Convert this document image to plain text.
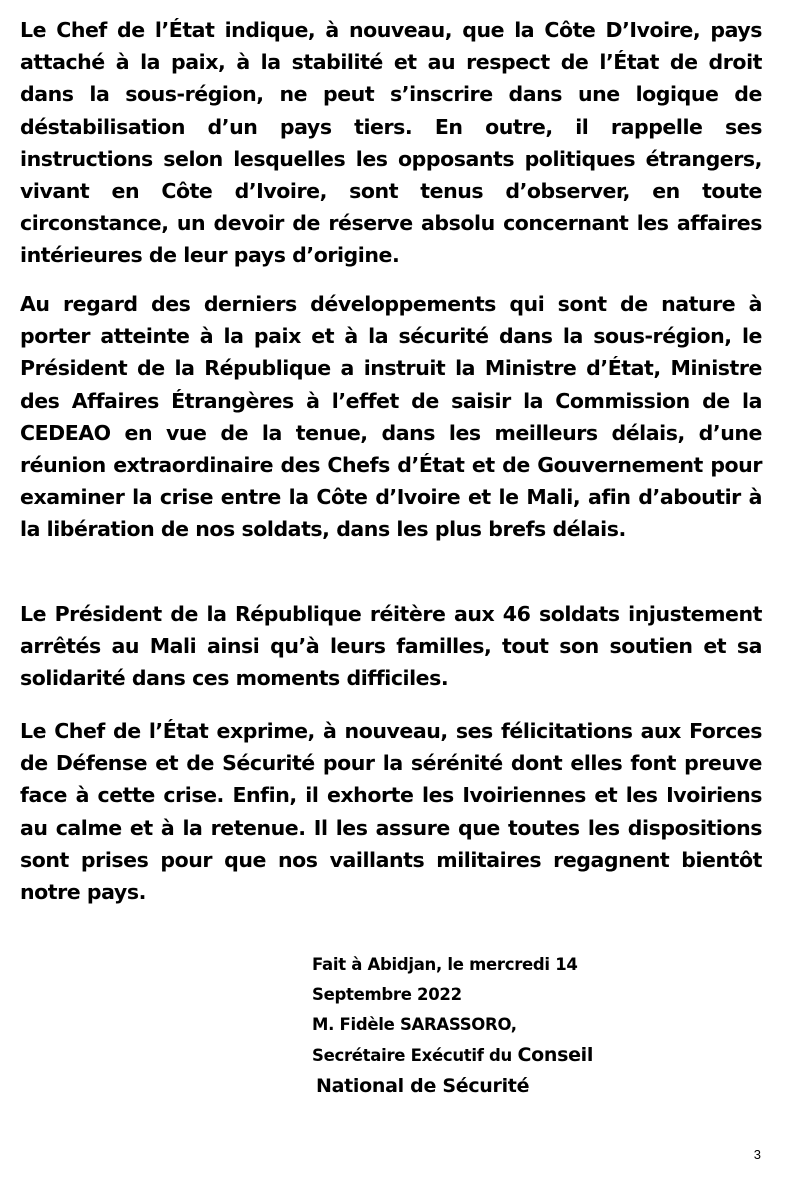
Le Chef de l’État indique, à nouveau, que la Côte D’Ivoire, pays attaché à la paix, à la stabilité et au respect de l’État de droit dans la sous-région, ne peut s’inscrire dans une logique de déstabilisation d’un pays tiers. En outre, il rappelle ses instructions selon lesquelles les opposants politiques étrangers, vivant en Côte d’Ivoire, sont tenus d’observer, en toute circonstance, un devoir de réserve absolu concernant les affaires intérieures de leur pays d’origine.

Au regard des derniers développements qui sont de nature à porter atteinte à la paix et à la sécurité dans la sous-région, le Président de la République a instruit la Ministre d’État, Ministre des Affaires Étrangères à l’effet de saisir la Commission de la CEDEAO en vue de la tenue, dans les meilleurs délais, d’une réunion extraordinaire des Chefs d’État et de Gouvernement pour examiner la crise entre la Côte d’Ivoire et le Mali, afin d’aboutir à la libération de nos soldats, dans les plus brefs délais.

Le Président de la République réitère aux 46 soldats injustement arrêtés au Mali ainsi qu’à leurs familles, tout son soutien et sa solidarité dans ces moments difficiles.

Le Chef de l’État exprime, à nouveau, ses félicitations aux Forces de Défense et de Sécurité pour la sérénité dont elles font preuve face à cette crise. Enfin, il exhorte les Ivoiriennes et les Ivoiriens au calme et à la retenue. Il les assure que toutes les dispositions sont prises pour que nos vaillants militaires regagnent bientôt notre pays.

Fait à Abidjan, le mercredi 14
Septembre 2022
M. Fidèle SARASSORO,
Secrétaire Exécutif du Conseil
National de Sécurité
3
